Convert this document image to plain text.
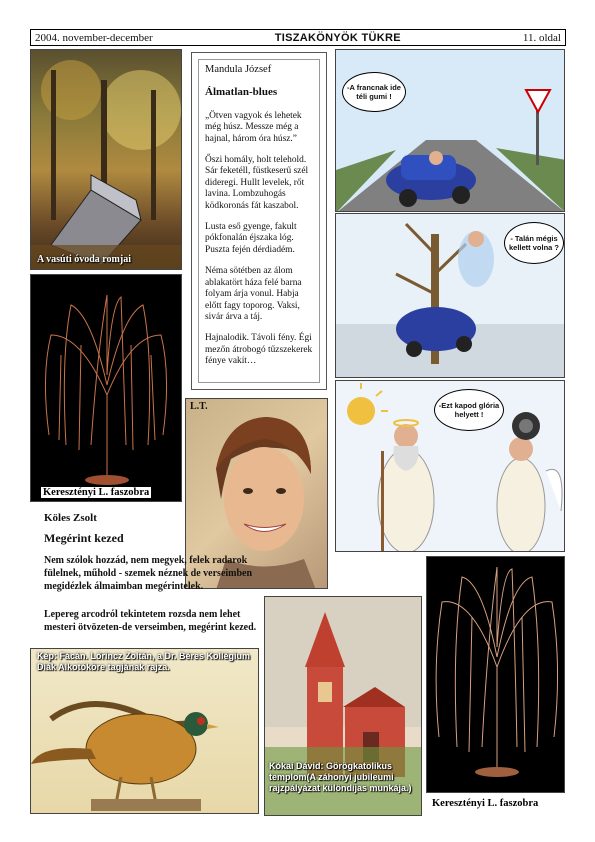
2004. november-december	TISZAKÖNYÖK TÜKRE	11. oldal
A vasúti óvoda romjai
Keresztényi L. faszobra
Mandula József
Álmatlan-blues

„Ötven vagyok és lehetek még húsz. Messze még a hajnal, három óra húsz.”

Őszi homály, holt telehold. Sár feketéll, füstkeserű szél dideregi. Hullt levelek, rőt lavina. Lombzuhogás ködkoronás fát kaszabol.

Lusta eső gyenge, fakult pókfonalán éjszaka lóg. Puszta fején dérdiadém.

Néma sötétben az álom ablakatört háza felé barna folyam árja vonul. Habja előtt fagy toporog. Vaksi, sivár árva a táj.

Hajnalodik. Távoli fény. Égi mezőn átrobogó tűzszekerek fénye vakít…

-A francnak ide téli gumi !
- Talán mégis kellett volna ?
-Ezt kapod glória helyett !
L.T.
Köles Zsolt
Megérint kezed
Nem szólok hozzád, nem megyek, felek radarok fülelnek, műhold - szemek néznek de verseimben megidézlek álmaimban megérintelek.
Lepereg arcodról tekintetem rozsda nem lehet mesteri ötvözeten-de verseimben, megérint kezed.
Kép: Fácán. Lőrincz Zoltán, a Dr. Béres Kollégium Diák Alkotóköre tagjának rajza.
Kókai Dávid: Görögkatolikus templom(A záhonyi jubileumi rajzpályázat különdíjas munkája.)
Keresztényi L. faszobra
